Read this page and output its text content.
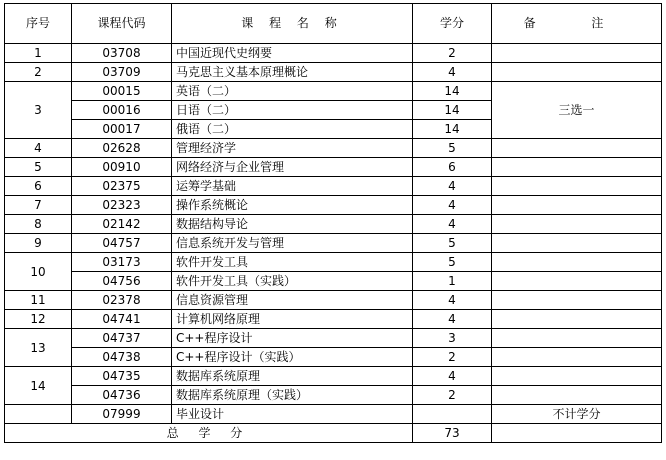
序号	课程代码	课 程 名 称	学分	备 注
1	03708	中国近现代史纲要	2	
2	03709	马克思主义基本原理概论	4	
3	00015	英语（二）	14	三选一
	00016	日语（二）	14	
	00017	俄语（二）	14	
4	02628	管理经济学	5	
5	00910	网络经济与企业管理	6	
6	02375	运筹学基础	4	
7	02323	操作系统概论	4	
8	02142	数据结构导论	4	
9	04757	信息系统开发与管理	5	
10	03173	软件开发工具	5	
	04756	软件开发工具（实践）	1	
11	02378	信息资源管理	4	
12	04741	计算机网络原理	4	
13	04737	C++程序设计	3	
	04738	C++程序设计（实践）	2	
14	04735	数据库系统原理	4	
	04736	数据库系统原理（实践）	2	
	07999	毕业设计		不计学分
总 学 分			73	
